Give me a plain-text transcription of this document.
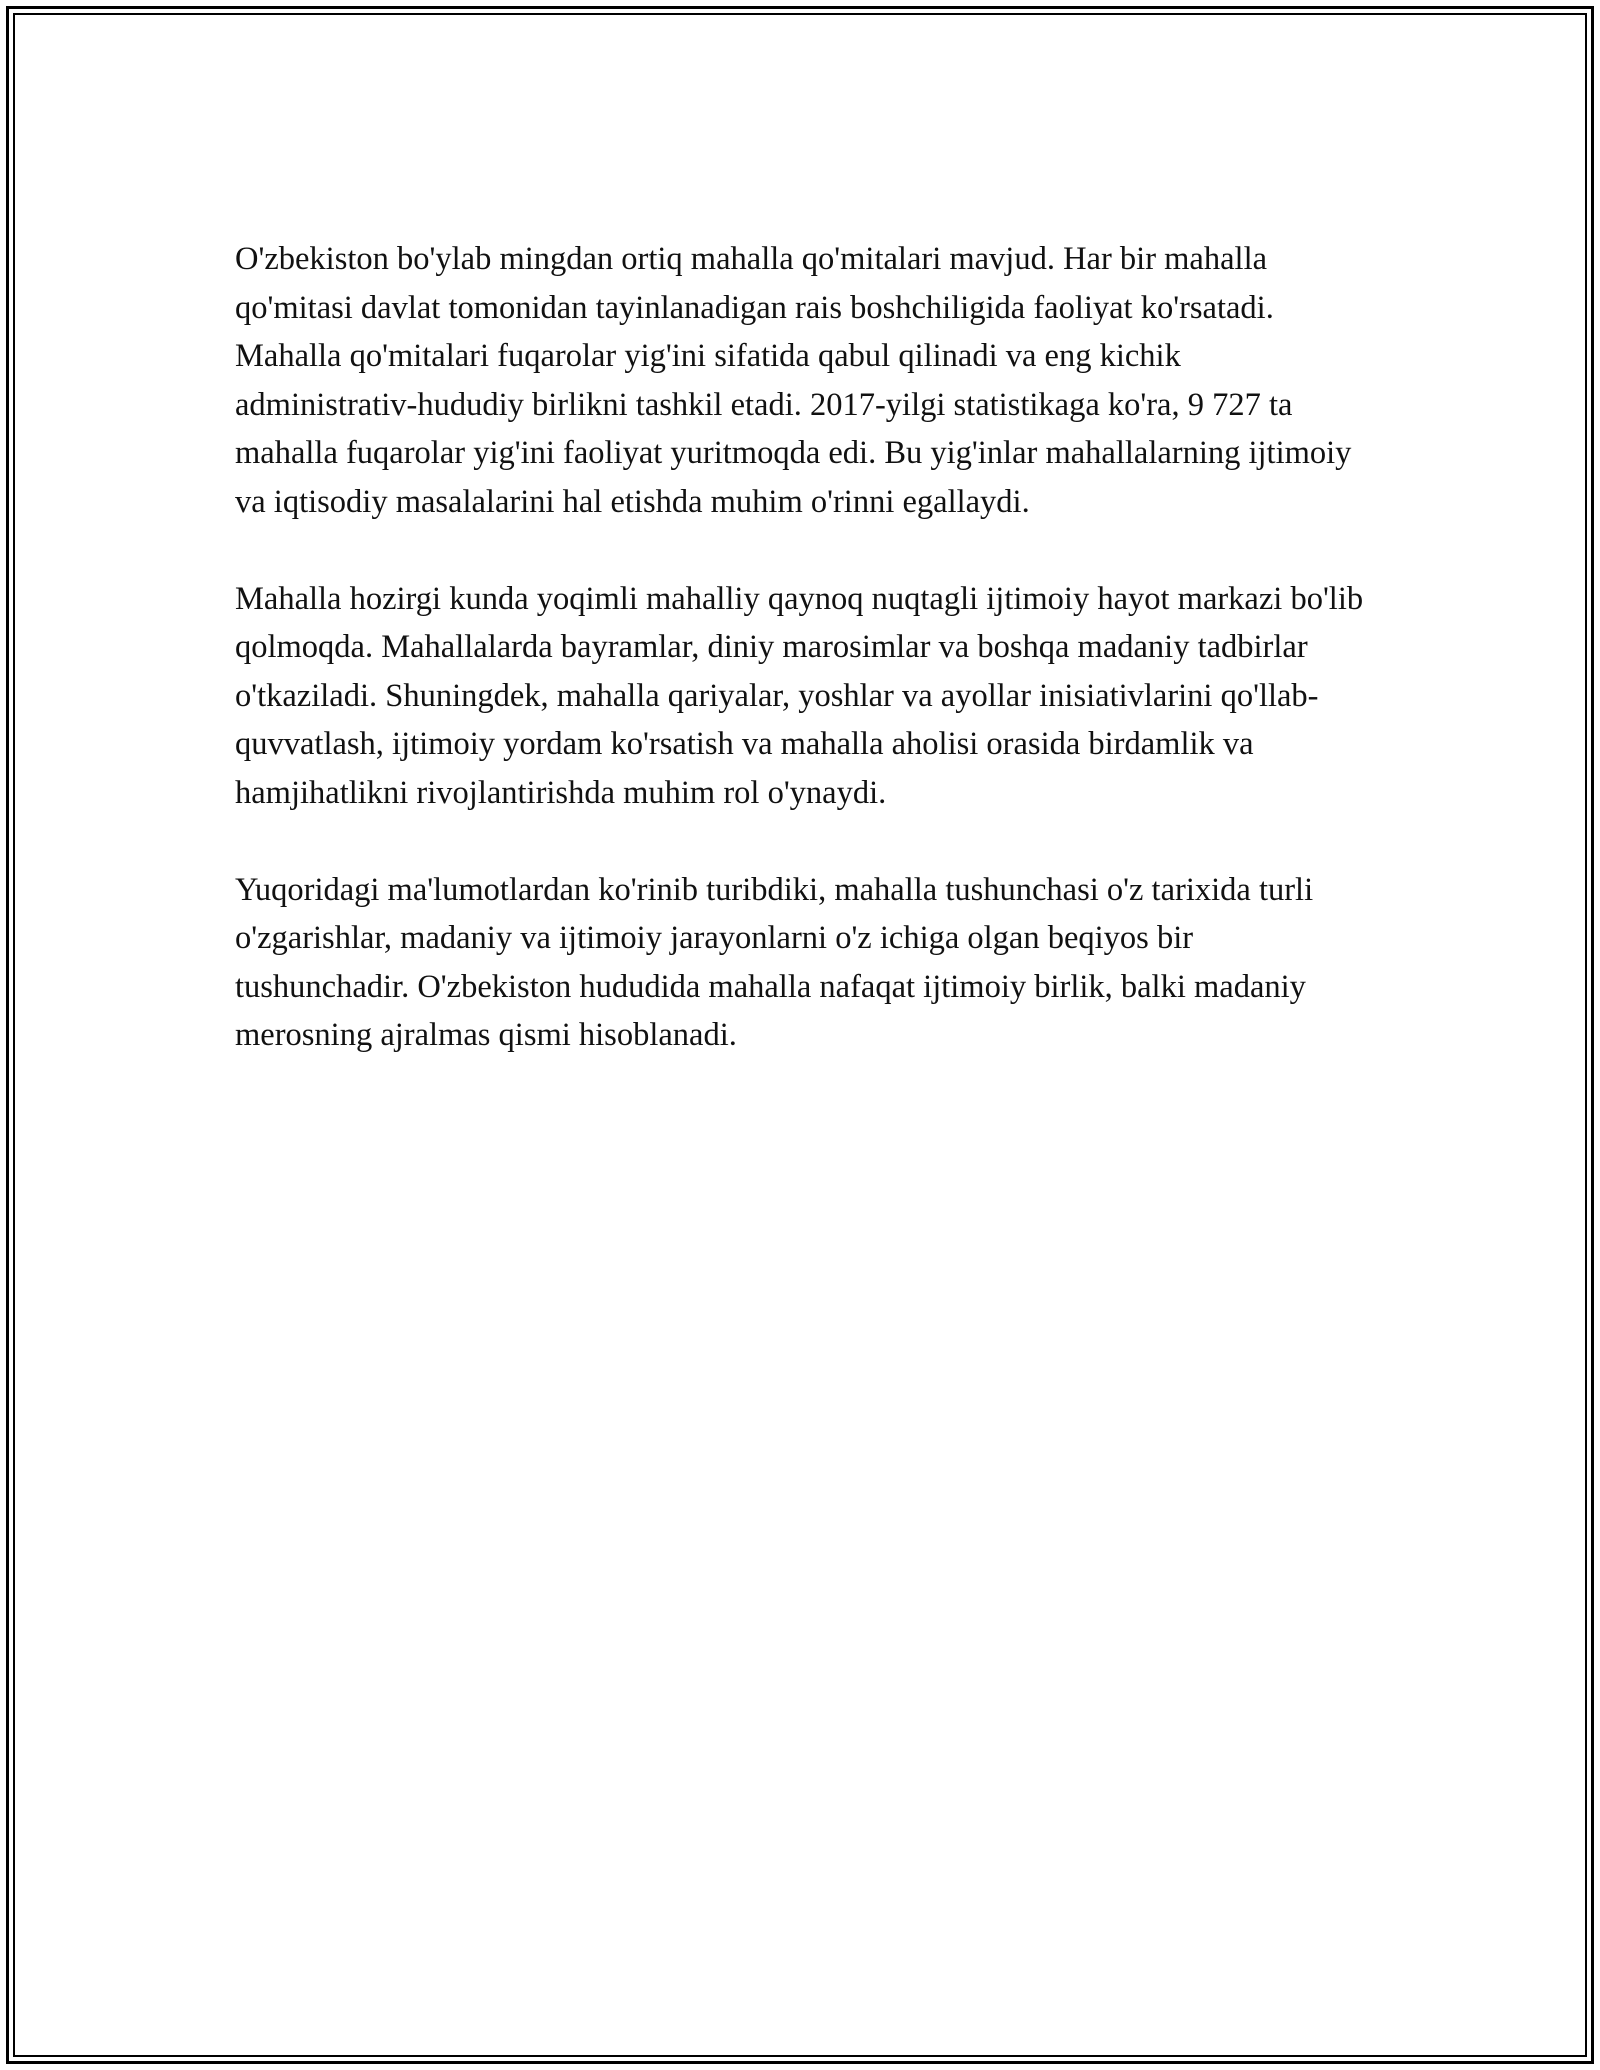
O'zbekiston bo'ylab mingdan ortiq mahalla qo'mitalari mavjud. Har bir mahalla qo'mitasi davlat tomonidan tayinlanadigan rais boshchiligida faoliyat ko'rsatadi. Mahalla qo'mitalari fuqarolar yig'ini sifatida qabul qilinadi va eng kichik administrativ-hududiy birlikni tashkil etadi. 2017-yilgi statistikaga ko'ra, 9 727 ta mahalla fuqarolar yig'ini faoliyat yuritmoqda edi. Bu yig'inlar mahallalarning ijtimoiy va iqtisodiy masalalarini hal etishda muhim o'rinni egallaydi.

Mahalla hozirgi kunda yoqimli mahalliy qaynoq nuqtagli ijtimoiy hayot markazi bo'lib qolmoqda. Mahallalarda bayramlar, diniy marosimlar va boshqa madaniy tadbirlar o'tkaziladi. Shuningdek, mahalla qariyalar, yoshlar va ayollar inisiativlarini qo'llab-quvvatlash, ijtimoiy yordam ko'rsatish va mahalla aholisi orasida birdamlik va hamjihatlikni rivojlantirishda muhim rol o'ynaydi.

Yuqoridagi ma'lumotlardan ko'rinib turibdiki, mahalla tushunchasi o'z tarixida turli o'zgarishlar, madaniy va ijtimoiy jarayonlarni o'z ichiga olgan beqiyos bir tushunchadir. O'zbekiston hududida mahalla nafaqat ijtimoiy birlik, balki madaniy merosning ajralmas qismi hisoblanadi.
